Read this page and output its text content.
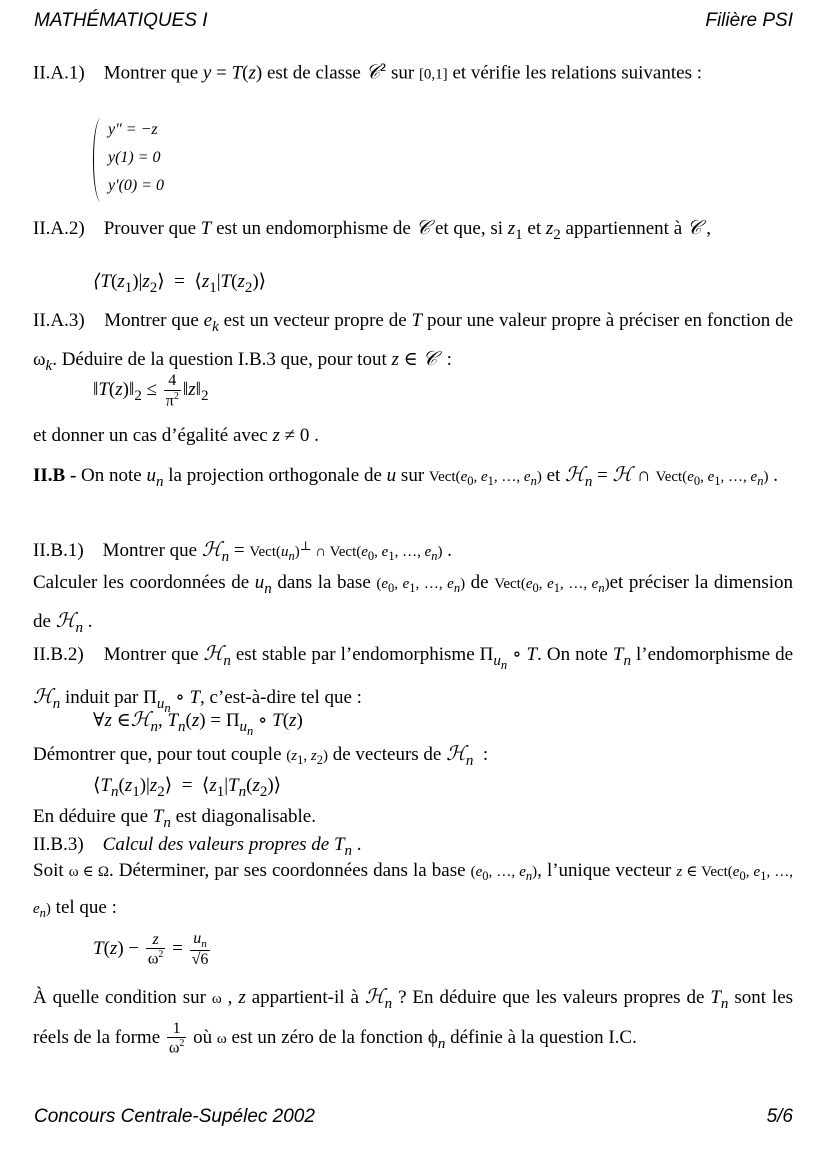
MATHÉMATIQUES I	Filière PSI
II.A.1) Montrer que y = T(z) est de classe 𝒞$^2$ sur [0,1] et vérifie les relations suivantes :
y″ = −z
y(1) = 0
y′(0) = 0
II.A.2) Prouver que T est un endomorphisme de 𝒞 et que, si $z_1$ et $z_2$ appartiennent à 𝒞 ,
$⟨T(z_1)|z_2⟩$  =  $⟨z_1|T(z_2)⟩$
II.A.3) Montrer que $e_k$ est un vecteur propre de T pour une valeur propre à préciser en fonction de $\omega_k$. Déduire de la question I.B.3 que, pour tout z ∈ 𝒞  :
$‖T(z)‖_2 \le \frac{4}{\pi^2}$ $‖z‖_2$
et donner un cas d’égalité avec z ≠ 0 .
II.B - On note $u_n$ la projection orthogonale de u sur $Vect(e_0$, $e_1$, …, $e_n$) et ℋ$_n$ = ℋ ∩ $Vect(e_0$, $e_1$, …, $e_n$) .
II.B.1) Montrer que ℋ$_n$ = $Vect(u_n)^\perp$ ∩ $Vect(e_0$, $e_1$, …, $e_n$) .
Calculer les coordonnées de $u_n$ dans la base ($e_0$, $e_1$, …, $e_n$) de $Vect(e_0$, $e_1$, …, $e_n)et$ préciser la dimension de ℋ$_n$ .
II.B.2) Montrer que ℋ$_n$ est stable par l’endomorphisme $\Pi_{u_n}$ ∘ T. On note $T_n$ l’endomorphisme de ℋ$_n$ induit par $\Pi_{u_n}$ ∘ T, c’est-à-dire tel que :
∀z ∈ℋ$_n$, $T_n(z) = \Pi_{u_n}$ ∘ T(z)
Démontrer que, pour tout couple ($z_1$, $z_2$) de vecteurs de ℋ$_n$  :
$⟨T_n(z_1)|z_2⟩$  =  $⟨z_1|T_n(z_2)⟩$
En déduire que $T_n$ est diagonalisable.
II.B.3) Calcul des valeurs propres de $T_n$ .
Soit ω ∈ Ω. Déterminer, par ses coordonnées dans la base ($e_0$, …, $e_n$), l’unique vecteur z ∈ $Vect(e_0$, $e_1$, …, $e_n$) tel que :
$T(z) - \frac{z}{\omega^2} = \frac{u_n}{√6}$
À quelle condition sur ω , z appartient-il à ℋ$_n$ ? En déduire que les valeurs propres de $T_n$ sont les réels de la forme $\frac{1}{\omega^2}$ où ω est un zéro de la fonction $\phi_n$ définie à la question I.C.
Concours Centrale-Supélec 2002	5/6
